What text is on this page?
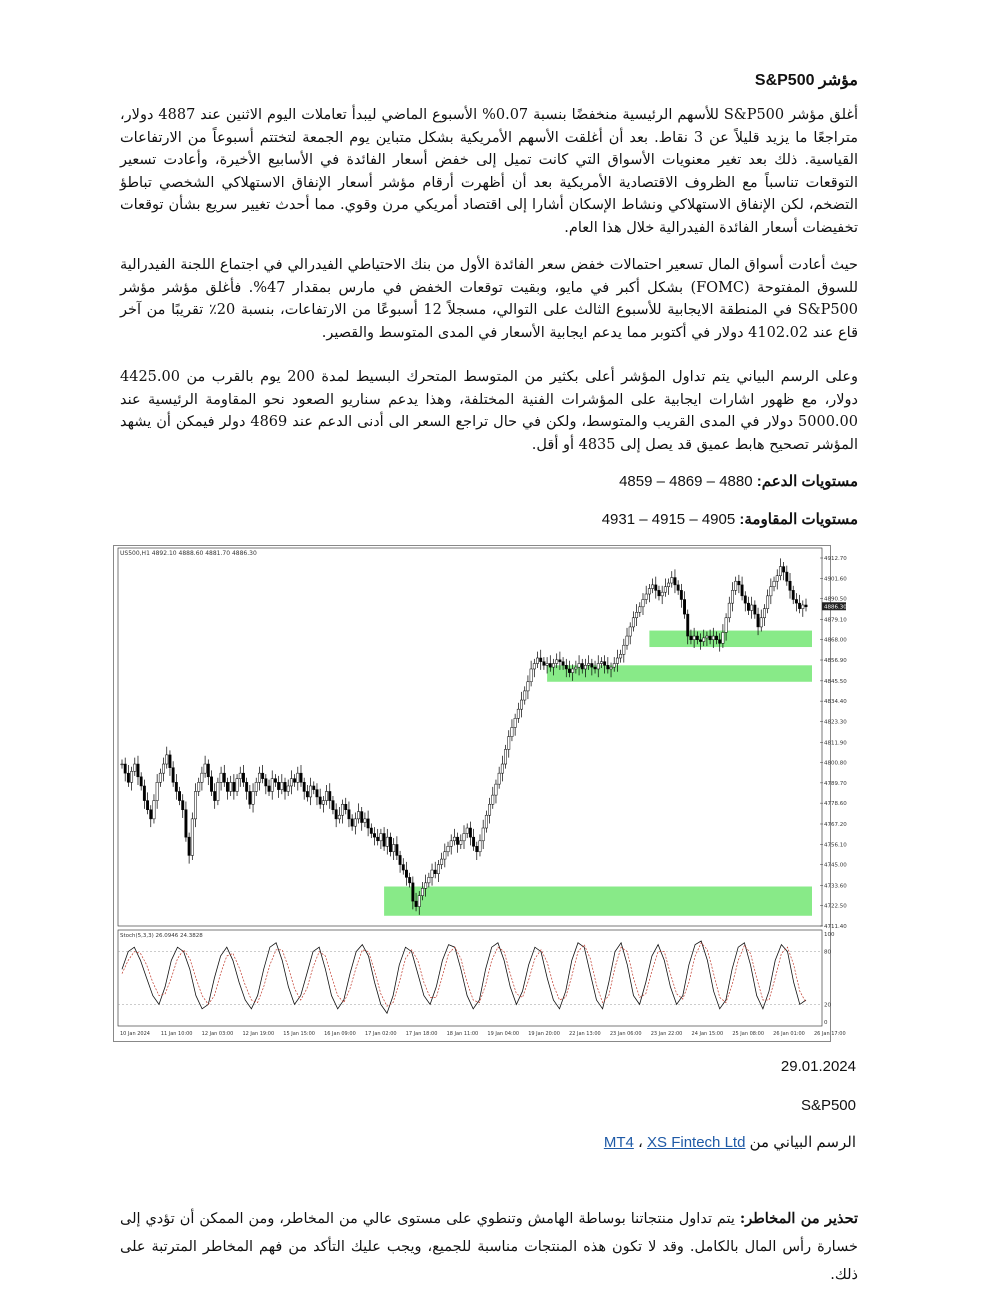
مؤشر S&P500

أغلق مؤشر S&P500 للأسهم الرئيسية منخفضًا بنسبة 0.07% الأسبوع الماضي ليبدأ تعاملات اليوم الاثنين عند 4887 دولار، متراجعًا ما يزيد قليلاً عن 3 نقاط. بعد أن أغلقت الأسهم الأمريكية بشكل متباين يوم الجمعة لتختتم أسبوعاً من الارتفاعات القياسية. ذلك بعد تغير معنويات الأسواق التي كانت تميل إلى خفض أسعار الفائدة في الأسابيع الأخيرة، وأعادت تسعير التوقعات تناسباً مع الظروف الاقتصادية الأمريكية بعد أن أظهرت أرقام مؤشر أسعار الإنفاق الاستهلاكي الشخصي تباطؤ التضخم، لكن الإنفاق الاستهلاكي ونشاط الإسكان أشارا إلى اقتصاد أمريكي مرن وقوي. مما أحدث تغيير سريع بشأن توقعات تخفيضات أسعار الفائدة الفيدرالية خلال هذا العام.

حيث أعادت أسواق المال تسعير احتمالات خفض سعر الفائدة الأول من بنك الاحتياطي الفيدرالي في اجتماع اللجنة الفيدرالية للسوق المفتوحة (FOMC) بشكل أكبر في مايو، وبقيت توقعات الخفض في مارس بمقدار 47%. فأغلق مؤشر مؤشر S&P500 في المنطقة الايجابية للأسبوع الثالث على التوالي، مسجلاً 12 أسبوعًا من الارتفاعات، بنسبة 20٪ تقريبًا من آخر قاع عند 4102.02 دولار في أكتوبر مما يدعم ايجابية الأسعار في المدى المتوسط والقصير.

وعلى الرسم البياني يتم تداول المؤشر أعلى بكثير من المتوسط المتحرك البسيط لمدة 200 يوم بالقرب من 4425.00 دولار، مع ظهور اشارات ايجابية على المؤشرات الفنية المختلفة، وهذا يدعم سناريو الصعود نحو المقاومة الرئيسية عند 5000.00 دولار في المدى القريب والمتوسط، ولكن في حال تراجع السعر الى أدنى الدعم عند 4869 دولر فيمكن أن يشهد المؤشر تصحيح هابط عميق قد يصل إلى 4835 أو أقل.

مستويات الدعم: 4880 – 4869 – 4859
مستويات المقاومة: 4905 – 4915 – 4931
US500,H1 4892.10 4888.60 4881.70 4886.30
4912.70
4901.60
4890.50
4879.10
4868.00
4856.90
4845.50
4834.40
4823.30
4811.90
4800.80
4789.70
4778.60
4767.20
4756.10
4745.00
4733.60
4722.50
4711.40
4886.30
100
80
20
0
Stoch(5,3,3) 26.0946 24.3828
10 Jan 2024 11 Jan 10:00 12 Jan 03:00 12 Jan 19:00 15 Jan 15:00 16 Jan 09:00 17 Jan 02:00 17 Jan 18:00 18 Jan 11:00 19 Jan 04:00 19 Jan 20:00 22 Jan 13:00 23 Jan 06:00 23 Jan 22:00 24 Jan 15:00 25 Jan 08:00 26 Jan 01:00 26 Jan 17:00
29.01.2024
S&P500
الرسم البياني من MT4 ، XS Fintech Ltd

تحذير من المخاطر: يتم تداول منتجاتنا بوساطة الهامش وتنطوي على مستوى عالي من المخاطر، ومن الممكن أن تؤدي إلى خسارة رأس المال بالكامل. وقد لا تكون هذه المنتجات مناسبة للجميع، ويجب عليك التأكد من فهم المخاطر المترتبة على ذلك.
